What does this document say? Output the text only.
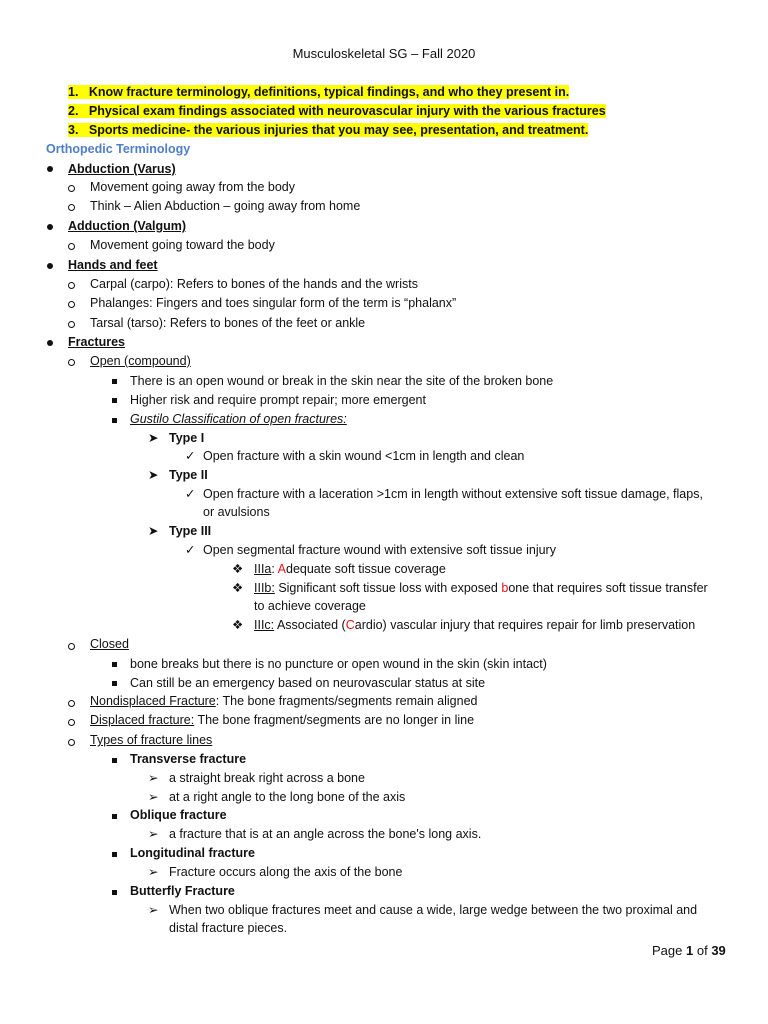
Musculoskeletal SG – Fall 2020
1. Know fracture terminology, definitions, typical findings, and who they present in.
2. Physical exam findings associated with neurovascular injury with the various fractures
3. Sports medicine- the various injuries that you may see, presentation, and treatment.
Orthopedic Terminology
Abduction (Varus)
Movement going away from the body
Think – Alien Abduction – going away from home
Adduction (Valgum)
Movement going toward the body
Hands and feet
Carpal (carpo): Refers to bones of the hands and the wrists
Phalanges: Fingers and toes singular form of the term is “phalanx”
Tarsal (tarso): Refers to bones of the feet or ankle
Fractures
Open (compound)
There is an open wound or break in the skin near the site of the broken bone
Higher risk and require prompt repair; more emergent
Gustilo Classification of open fractures:
➤ Type I
✓ Open fracture with a skin wound <1cm in length and clean
➤ Type II
✓ Open fracture with a laceration >1cm in length without extensive soft tissue damage, flaps,
or avulsions
➤ Type III
✓ Open segmental fracture wound with extensive soft tissue injury
❖ IIIa: Adequate soft tissue coverage
❖ IIIb: Significant soft tissue loss with exposed bone that requires soft tissue transfer
to achieve coverage
❖ IIIc: Associated (Cardio) vascular injury that requires repair for limb preservation
Closed
bone breaks but there is no puncture or open wound in the skin (skin intact)
Can still be an emergency based on neurovascular status at site
Nondisplaced Fracture: The bone fragments/segments remain aligned
Displaced fracture: The bone fragment/segments are no longer in line
Types of fracture lines
Transverse fracture
➢ a straight break right across a bone
➢ at a right angle to the long bone of the axis
Oblique fracture
➢ a fracture that is at an angle across the bone's long axis.
Longitudinal fracture
➢ Fracture occurs along the axis of the bone
Butterfly Fracture
➢ When two oblique fractures meet and cause a wide, large wedge between the two proximal and
distal fracture pieces.
Page 1 of 39
